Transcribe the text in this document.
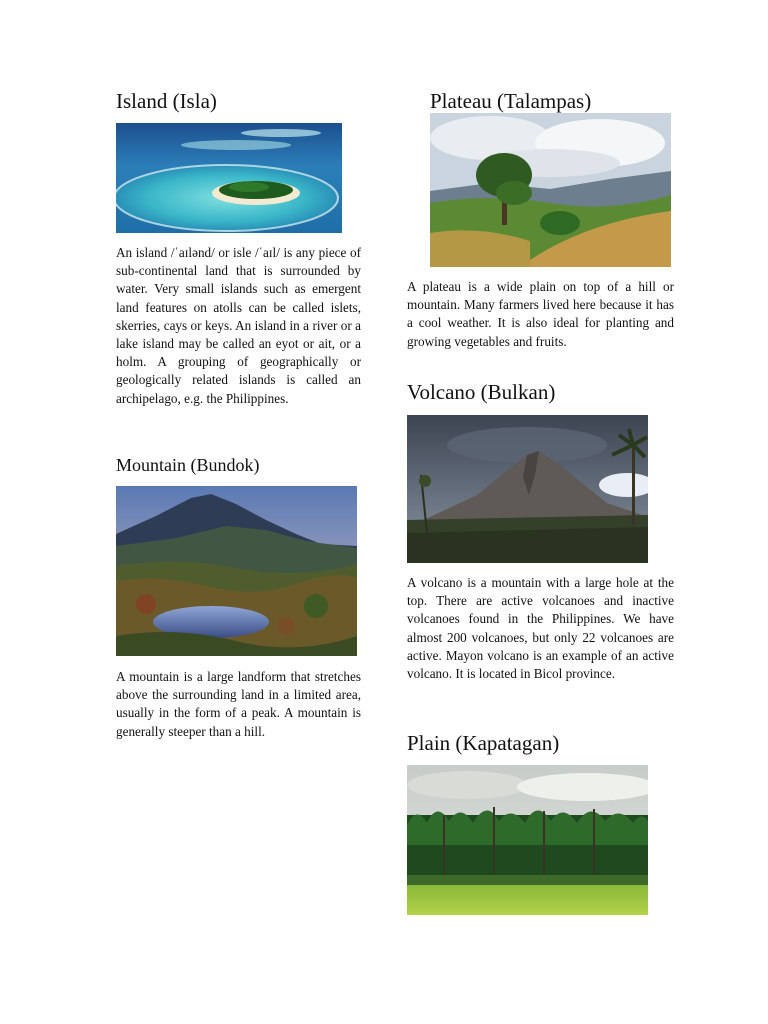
Island (Isla)

An island /ˈaɪlənd/ or isle /ˈaɪl/ is any piece of sub-continental land that is surrounded by water. Very small islands such as emergent land features on atolls can be called islets, skerries, cays or keys. An island in a river or a lake island may be called an eyot or ait, or a holm. A grouping of geographically or geologically related islands is called an archipelago, e.g. the Philippines.

Mountain (Bundok)

A mountain is a large landform that stretches above the surrounding land in a limited area, usually in the form of a peak. A mountain is generally steeper than a hill.

Plateau (Talampas)

A plateau is a wide plain on top of a hill or mountain. Many farmers lived here because it has a cool weather. It is also ideal for planting and growing vegetables and fruits.

Volcano (Bulkan)

A volcano is a mountain with a large hole at the top. There are active volcanoes and inactive volcanoes found in the Philippines. We have almost 200 volcanoes, but only 22 volcanoes are active. Mayon volcano is an example of an active volcano. It is located in Bicol province.

Plain (Kapatagan)
